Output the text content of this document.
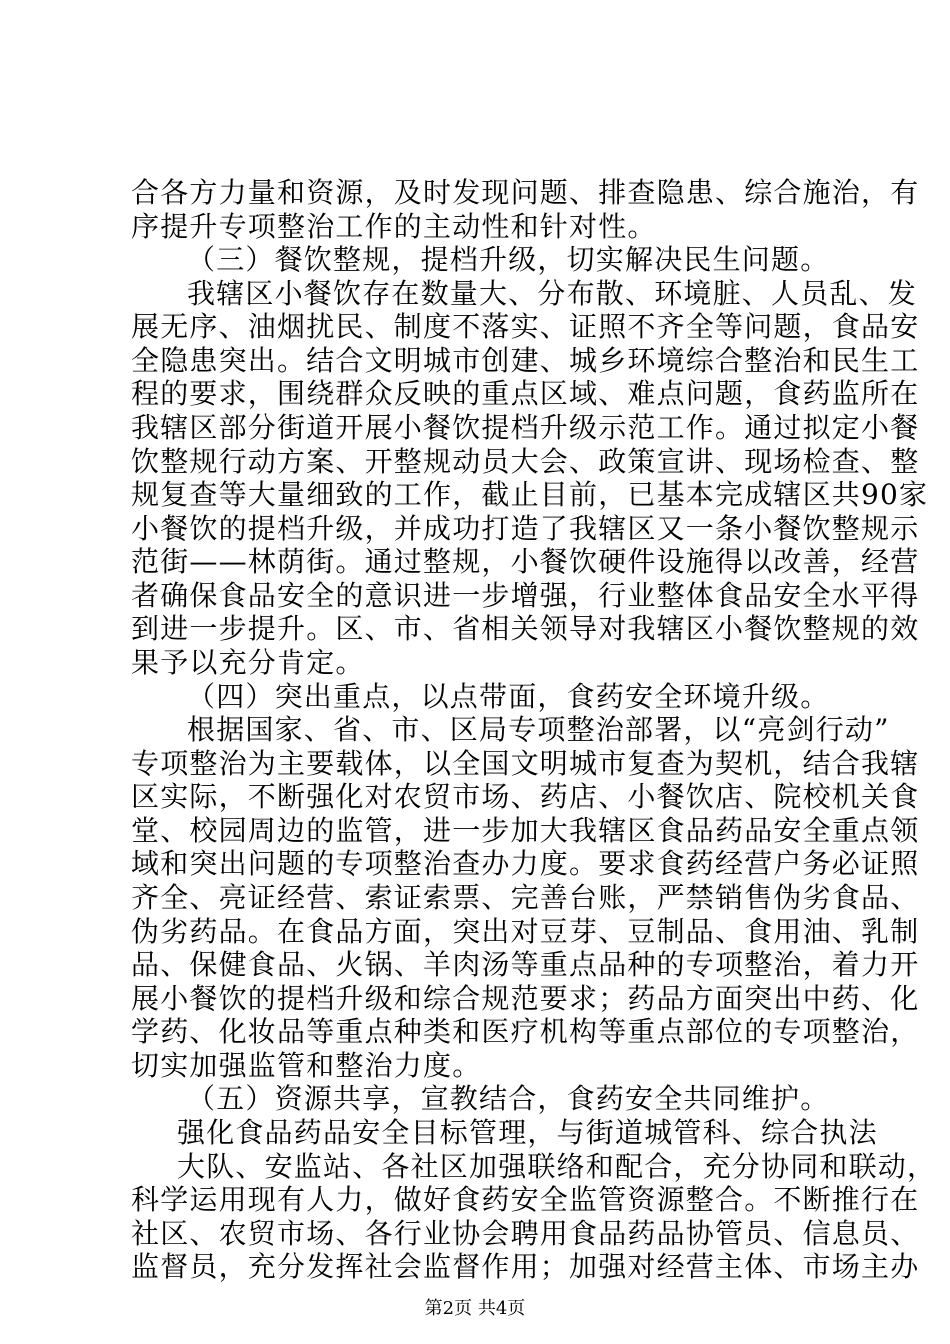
合各方力量和资源，及时发现问题、排查隐患、综合施治，有
序提升专项整治工作的主动性和针对性。
（三）餐饮整规，提档升级，切实解决民生问题。
我辖区小餐饮存在数量大、分布散、环境脏、人员乱、发
展无序、油烟扰民、制度不落实、证照不齐全等问题，食品安
全隐患突出。结合文明城市创建、城乡环境综合整治和民生工
程的要求，围绕群众反映的重点区域、难点问题，食药监所在
我辖区部分街道开展小餐饮提档升级示范工作。通过拟定小餐
饮整规行动方案、开整规动员大会、政策宣讲、现场检查、整
规复查等大量细致的工作，截止目前，已基本完成辖区共90家
小餐饮的提档升级，并成功打造了我辖区又一条小餐饮整规示
范街——林荫街。通过整规，小餐饮硬件设施得以改善，经营
者确保食品安全的意识进一步增强，行业整体食品安全水平得
到进一步提升。区、市、省相关领导对我辖区小餐饮整规的效
果予以充分肯定。
（四）突出重点，以点带面，食药安全环境升级。
根据国家、省、市、区局专项整治部署，以“亮剑行动”
专项整治为主要载体，以全国文明城市复查为契机，结合我辖
区实际，不断强化对农贸市场、药店、小餐饮店、院校机关食
堂、校园周边的监管，进一步加大我辖区食品药品安全重点领
域和突出问题的专项整治查办力度。要求食药经营户务必证照
齐全、亮证经营、索证索票、完善台账，严禁销售伪劣食品、
伪劣药品。在食品方面，突出对豆芽、豆制品、食用油、乳制
品、保健食品、火锅、羊肉汤等重点品种的专项整治，着力开
展小餐饮的提档升级和综合规范要求；药品方面突出中药、化
学药、化妆品等重点种类和医疗机构等重点部位的专项整治，
切实加强监管和整治力度。
（五）资源共享，宣教结合，食药安全共同维护。
强化食品药品安全目标管理，与街道城管科、综合执法
大队、安监站、各社区加强联络和配合，充分协同和联动，
科学运用现有人力，做好食药安全监管资源整合。不断推行在
社区、农贸市场、各行业协会聘用食品药品协管员、信息员、
监督员，充分发挥社会监督作用；加强对经营主体、市场主办
第2页 共4页
